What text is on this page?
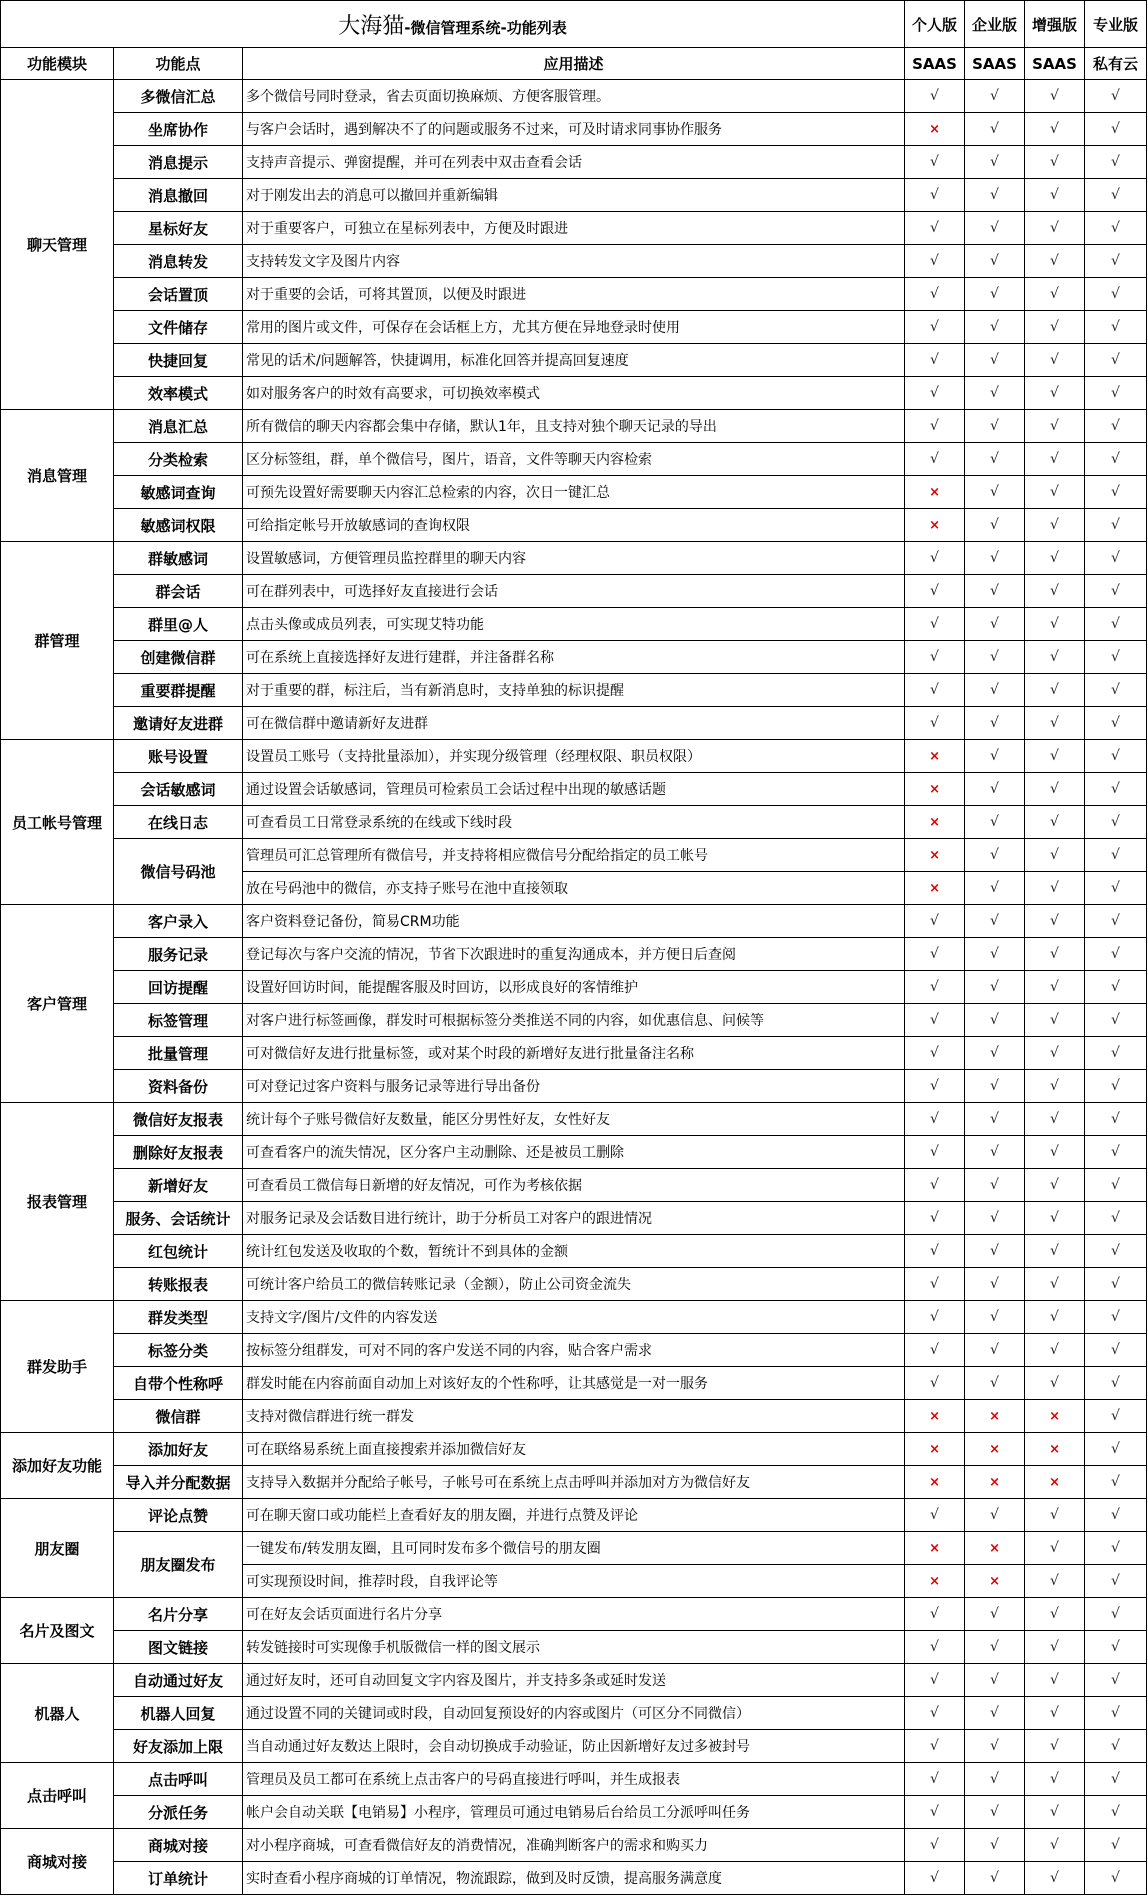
大海猫-微信管理系统-功能列表			个人版	企业版	增强版	专业版
功能模块	功能点	应用描述	SAAS	SAAS	SAAS	私有云
聊天管理	多微信汇总	多个微信号同时登录，省去页面切换麻烦、方便客服管理。	√	√	√	√
	坐席协作	与客户会话时，遇到解决不了的问题或服务不过来，可及时请求同事协作服务	×	√	√	√
	消息提示	支持声音提示、弹窗提醒，并可在列表中双击查看会话	√	√	√	√
	消息撤回	对于刚发出去的消息可以撤回并重新编辑	√	√	√	√
	星标好友	对于重要客户，可独立在星标列表中，方便及时跟进	√	√	√	√
	消息转发	支持转发文字及图片内容	√	√	√	√
	会话置顶	对于重要的会话，可将其置顶，以便及时跟进	√	√	√	√
	文件储存	常用的图片或文件，可保存在会话框上方，尤其方便在异地登录时使用	√	√	√	√
	快捷回复	常见的话术/问题解答，快捷调用，标准化回答并提高回复速度	√	√	√	√
	效率模式	如对服务客户的时效有高要求，可切换效率模式	√	√	√	√
消息管理	消息汇总	所有微信的聊天内容都会集中存储，默认1年，且支持对独个聊天记录的导出	√	√	√	√
	分类检索	区分标签组，群，单个微信号，图片，语音，文件等聊天内容检索	√	√	√	√
	敏感词查询	可预先设置好需要聊天内容汇总检索的内容，次日一键汇总	×	√	√	√
	敏感词权限	可给指定帐号开放敏感词的查询权限	×	√	√	√
群管理	群敏感词	设置敏感词，方便管理员监控群里的聊天内容	√	√	√	√
	群会话	可在群列表中，可选择好友直接进行会话	√	√	√	√
	群里@人	点击头像或成员列表，可实现艾特功能	√	√	√	√
	创建微信群	可在系统上直接选择好友进行建群，并注备群名称	√	√	√	√
	重要群提醒	对于重要的群，标注后，当有新消息时，支持单独的标识提醒	√	√	√	√
	邀请好友进群	可在微信群中邀请新好友进群	√	√	√	√
员工帐号管理	账号设置	设置员工账号（支持批量添加），并实现分级管理（经理权限、职员权限）	×	√	√	√
	会话敏感词	通过设置会话敏感词，管理员可检索员工会话过程中出现的敏感话题	×	√	√	√
	在线日志	可查看员工日常登录系统的在线或下线时段	×	√	√	√
	微信号码池	管理员可汇总管理所有微信号，并支持将相应微信号分配给指定的员工帐号	×	√	√	√
		放在号码池中的微信，亦支持子账号在池中直接领取	×	√	√	√
客户管理	客户录入	客户资料登记备份，简易CRM功能	√	√	√	√
	服务记录	登记每次与客户交流的情况，节省下次跟进时的重复沟通成本，并方便日后查阅	√	√	√	√
	回访提醒	设置好回访时间，能提醒客服及时回访，以形成良好的客情维护	√	√	√	√
	标签管理	对客户进行标签画像，群发时可根据标签分类推送不同的内容，如优惠信息、问候等	√	√	√	√
	批量管理	可对微信好友进行批量标签，或对某个时段的新增好友进行批量备注名称	√	√	√	√
	资料备份	可对登记过客户资料与服务记录等进行导出备份	√	√	√	√
报表管理	微信好友报表	统计每个子账号微信好友数量，能区分男性好友，女性好友	√	√	√	√
	删除好友报表	可查看客户的流失情况，区分客户主动删除、还是被员工删除	√	√	√	√
	新增好友	可查看员工微信每日新增的好友情况，可作为考核依据	√	√	√	√
	服务、会话统计	对服务记录及会话数目进行统计，助于分析员工对客户的跟进情况	√	√	√	√
	红包统计	统计红包发送及收取的个数，暂统计不到具体的金额	√	√	√	√
	转账报表	可统计客户给员工的微信转账记录（金额），防止公司资金流失	√	√	√	√
群发助手	群发类型	支持文字/图片/文件的内容发送	√	√	√	√
	标签分类	按标签分组群发，可对不同的客户发送不同的内容，贴合客户需求	√	√	√	√
	自带个性称呼	群发时能在内容前面自动加上对该好友的个性称呼，让其感觉是一对一服务	√	√	√	√
	微信群	支持对微信群进行统一群发	×	×	×	√
添加好友功能	添加好友	可在联络易系统上面直接搜索并添加微信好友	×	×	×	√
	导入并分配数据	支持导入数据并分配给子帐号，子帐号可在系统上点击呼叫并添加对方为微信好友	×	×	×	√
朋友圈	评论点赞	可在聊天窗口或功能栏上查看好友的朋友圈，并进行点赞及评论	√	√	√	√
	朋友圈发布	一键发布/转发朋友圈，且可同时发布多个微信号的朋友圈	×	×	√	√
		可实现预设时间，推荐时段，自我评论等	×	×	√	√
名片及图文	名片分享	可在好友会话页面进行名片分享	√	√	√	√
	图文链接	转发链接时可实现像手机版微信一样的图文展示	√	√	√	√
机器人	自动通过好友	通过好友时，还可自动回复文字内容及图片，并支持多条或延时发送	√	√	√	√
	机器人回复	通过设置不同的关键词或时段，自动回复预设好的内容或图片（可区分不同微信）	√	√	√	√
	好友添加上限	当自动通过好友数达上限时，会自动切换成手动验证，防止因新增好友过多被封号	√	√	√	√
点击呼叫	点击呼叫	管理员及员工都可在系统上点击客户的号码直接进行呼叫，并生成报表	√	√	√	√
	分派任务	帐户会自动关联【电销易】小程序，管理员可通过电销易后台给员工分派呼叫任务	√	√	√	√
商城对接	商城对接	对小程序商城，可查看微信好友的消费情况，准确判断客户的需求和购买力	√	√	√	√
	订单统计	实时查看小程序商城的订单情况，物流跟踪，做到及时反馈，提高服务满意度	√	√	√	√
